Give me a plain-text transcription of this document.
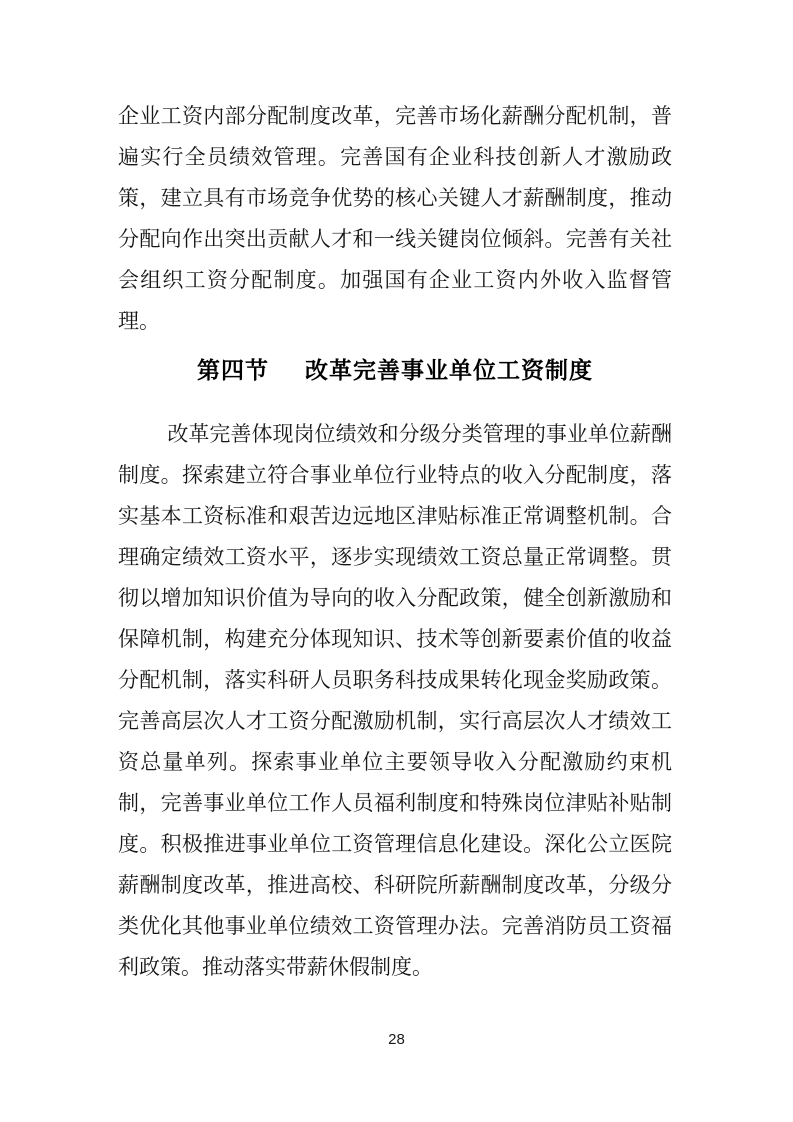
企业工资内部分配制度改革，完善市场化薪酬分配机制，普遍实行全员绩效管理。完善国有企业科技创新人才激励政策，建立具有市场竞争优势的核心关键人才薪酬制度，推动分配向作出突出贡献人才和一线关键岗位倾斜。完善有关社会组织工资分配制度。加强国有企业工资内外收入监督管理。

第四节 改革完善事业单位工资制度

改革完善体现岗位绩效和分级分类管理的事业单位薪酬制度。探索建立符合事业单位行业特点的收入分配制度，落实基本工资标准和艰苦边远地区津贴标准正常调整机制。合理确定绩效工资水平，逐步实现绩效工资总量正常调整。贯彻以增加知识价值为导向的收入分配政策，健全创新激励和保障机制，构建充分体现知识、技术等创新要素价值的收益分配机制，落实科研人员职务科技成果转化现金奖励政策。完善高层次人才工资分配激励机制，实行高层次人才绩效工资总量单列。探索事业单位主要领导收入分配激励约束机制，完善事业单位工作人员福利制度和特殊岗位津贴补贴制度。积极推进事业单位工资管理信息化建设。深化公立医院薪酬制度改革，推进高校、科研院所薪酬制度改革，分级分类优化其他事业单位绩效工资管理办法。完善消防员工资福利政策。推动落实带薪休假制度。

28
